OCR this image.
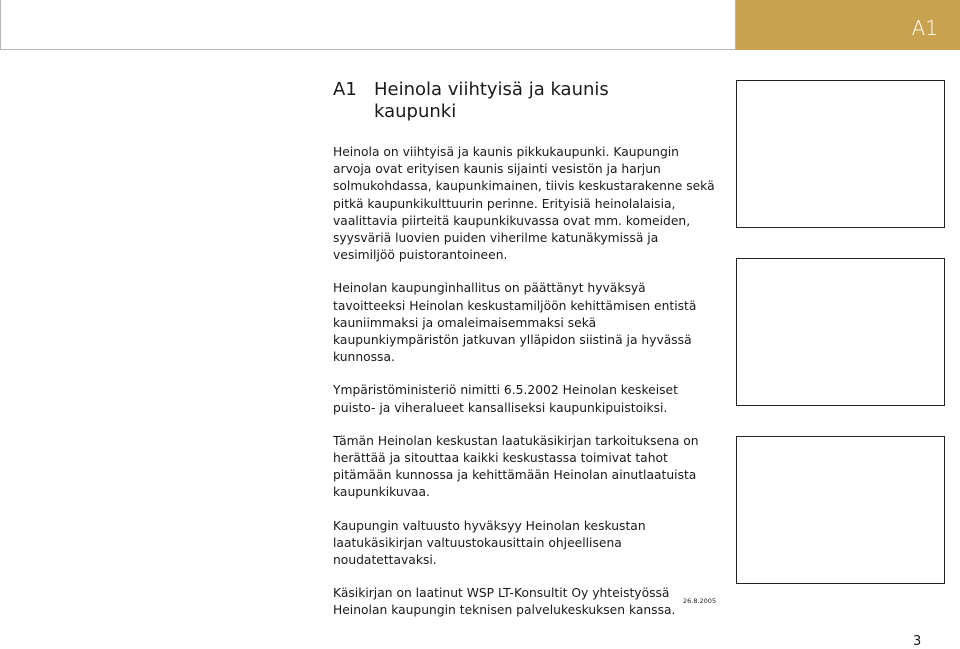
A1
A1 Heinola viihtyisä ja kaunis kaupunki

Heinola on viihtyisä ja kaunis pikkukaupunki. Kaupungin arvoja ovat erityisen kaunis sijainti vesistön ja harjun solmukohdassa, kaupunkimainen, tiivis keskustarakenne sekä pitkä kaupunkikulttuurin perinne. Erityisiä heinolalaisia, vaalittavia piirteitä kaupunkikuvassa ovat mm. komeiden, syysväriä luovien puiden viherilme katunäkymissä ja vesimiljöö puistorantoineen.

Heinolan kaupunginhallitus on päättänyt hyväksyä tavoitteeksi Heinolan keskustamiljöön kehittämisen entistä kauniimmaksi ja omaleimaisemmaksi sekä kaupunkiympäristön jatkuvan ylläpidon siistinä ja hyvässä kunnossa.

Ympäristöministeriö nimitti 6.5.2002 Heinolan keskeiset puisto- ja viheralueet kansalliseksi kaupunkipuistoiksi.

Tämän Heinolan keskustan laatukäsikirjan tarkoituksena on herättää ja sitouttaa kaikki keskustassa toimivat tahot pitämään kunnossa ja kehittämään Heinolan ainutlaatuista kaupunkikuvaa.

Kaupungin valtuusto hyväksyy Heinolan keskustan laatukäsikirjan valtuustokausittain ohjeellisena noudatettavaksi.

Käsikirjan on laatinut WSP LT-Konsultit Oy yhteistyössä Heinolan kaupungin teknisen palvelukeskuksen kanssa.

26.8.2005
3
